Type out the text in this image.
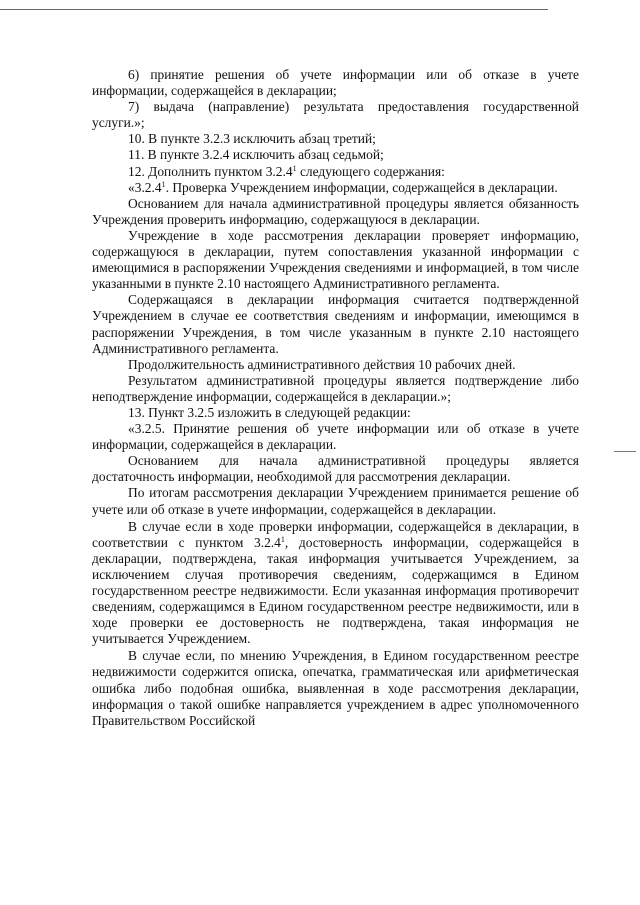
6) принятие решения об учете информации или об отказе в учете информации, содержащейся в декларации;

7) выдача (направление) результата предоставления государственной услуги.»;

10. В пункте 3.2.3 исключить абзац третий;

11. В пункте 3.2.4 исключить абзац седьмой;

12. Дополнить пунктом 3.2.4$^1$ следующего содержания:

«3.2.4$^1$. Проверка Учреждением информации, содержащейся в декларации.

Основанием для начала административной процедуры является обязанность Учреждения проверить информацию, содержащуюся в декларации.

Учреждение в ходе рассмотрения декларации проверяет информацию, содержащуюся в декларации, путем сопоставления указанной информации с имеющимися в распоряжении Учреждения сведениями и информацией, в том числе указанными в пункте 2.10 настоящего Административного регламента.

Содержащаяся в декларации информация считается подтвержденной Учреждением в случае ее соответствия сведениям и информации, имеющимся в распоряжении Учреждения, в том числе указанным в пункте 2.10 настоящего Административного регламента.

Продолжительность административного действия 10 рабочих дней.

Результатом административной процедуры является подтверждение либо неподтверждение информации, содержащейся в декларации.»;

13. Пункт 3.2.5 изложить в следующей редакции:

«3.2.5. Принятие решения об учете информации или об отказе в учете информации, содержащейся в декларации.

Основанием для начала административной процедуры является достаточность информации, необходимой для рассмотрения декларации.

По итогам рассмотрения декларации Учреждением принимается решение об учете или об отказе в учете информации, содержащейся в декларации.

В случае если в ходе проверки информации, содержащейся в декларации, в соответствии с пунктом 3.2.4$^1$, достоверность информации, содержащейся в декларации, подтверждена, такая информация учитывается Учреждением, за исключением случая противоречия сведениям, содержащимся в Едином государственном реестре недвижимости. Если указанная информация противоречит сведениям, содержащимся в Едином государственном реестре недвижимости, или в ходе проверки ее достоверность не подтверждена, такая информация не учитывается Учреждением.

В случае если, по мнению Учреждения, в Едином государственном реестре недвижимости содержится описка, опечатка, грамматическая или арифметическая ошибка либо подобная ошибка, выявленная в ходе рассмотрения декларации, информация о такой ошибке направляется учреждением в адрес уполномоченного Правительством Российской
